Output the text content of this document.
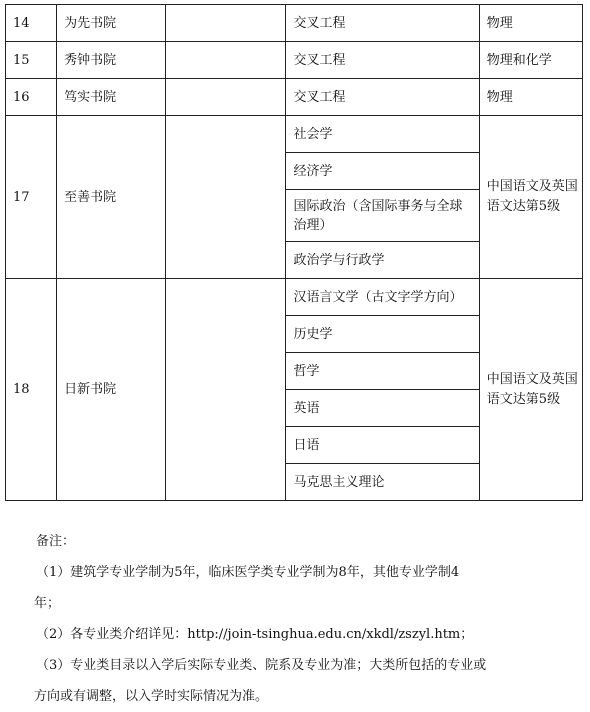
14	为先书院		交叉工程	物理
15	秀钟书院		交叉工程	物理和化学
16	笃实书院		交叉工程	物理
17	至善书院		社会学	中国语文及英国语文达第5级
			经济学	
			国际政治（含国际事务与全球治理）	
			政治学与行政学	
18	日新书院		汉语言文学（古文字学方向）	中国语文及英国语文达第5级
			历史学	
			哲学	
			英语	
			日语	
			马克思主义理论	
备注：
（1）建筑学专业学制为5年，临床医学类专业学制为8年，其他专业学制4
年；
（2）各专业类介绍详见：http://join-tsinghua.edu.cn/xkdl/zszyl.htm；
（3）专业类目录以入学后实际专业类、院系及专业为准；大类所包括的专业或
方向或有调整，以入学时实际情况为准。
